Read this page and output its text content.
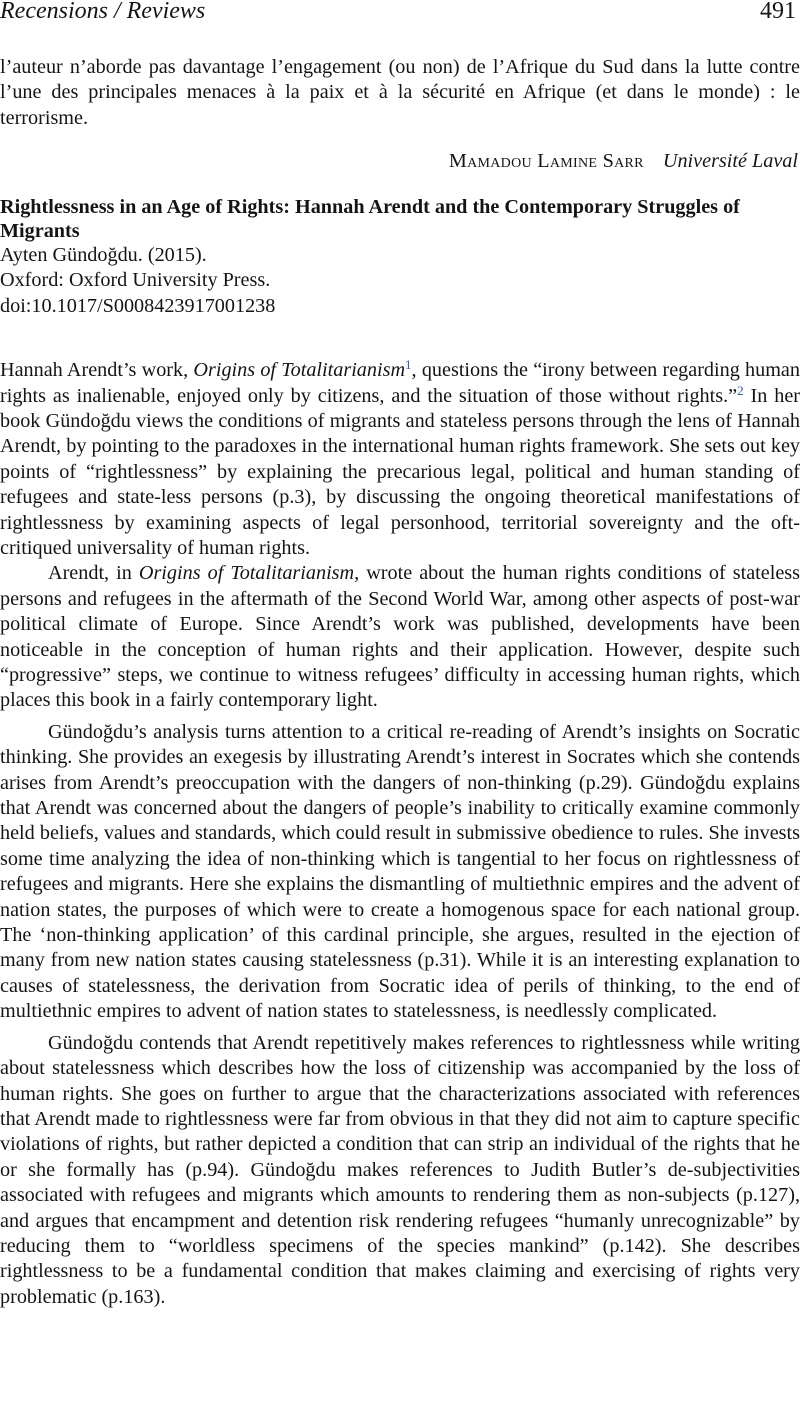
Recensions / Reviews	491

l’auteur n’aborde pas davantage l’engagement (ou non) de l’Afrique du Sud dans la lutte contre l’une des principales menaces à la paix et à la sécurité en Afrique (et dans le monde) : le terrorisme.

Mamadou Lamine Sarr Université Laval

Rightlessness in an Age of Rights: Hannah Arendt and the Contemporary Struggles of Migrants

Ayten Gündoğdu. (2015).

Oxford: Oxford University Press.

doi:10.1017/S0008423917001238

Hannah Arendt’s work, Origins of Totalitarianism$^1$, questions the “irony between regarding human rights as inalienable, enjoyed only by citizens, and the situation of those without rights.”$^2$ In her book Gündoğdu views the conditions of migrants and stateless persons through the lens of Hannah Arendt, by pointing to the paradoxes in the international human rights framework. She sets out key points of “rightlessness” by explaining the precarious legal, political and human standing of refugees and state-less persons (p.3), by discussing the ongoing theoretical manifestations of rightlessness by examining aspects of legal personhood, territorial sovereignty and the oft-critiqued universality of human rights.

Arendt, in Origins of Totalitarianism, wrote about the human rights conditions of stateless persons and refugees in the aftermath of the Second World War, among other aspects of post-war political climate of Europe. Since Arendt’s work was published, developments have been noticeable in the conception of human rights and their application. However, despite such “progressive” steps, we continue to witness refugees’ difficulty in accessing human rights, which places this book in a fairly contemporary light.

Gündoğdu’s analysis turns attention to a critical re-reading of Arendt’s insights on Socratic thinking. She provides an exegesis by illustrating Arendt’s interest in Socrates which she contends arises from Arendt’s preoccupation with the dangers of non-thinking (p.29). Gündoğdu explains that Arendt was concerned about the dangers of people’s inability to critically examine commonly held beliefs, values and standards, which could result in submissive obedience to rules. She invests some time analyzing the idea of non-thinking which is tangential to her focus on rightlessness of refugees and migrants. Here she explains the dismantling of multiethnic empires and the advent of nation states, the purposes of which were to create a homogenous space for each national group. The ‘non-thinking application’ of this cardinal principle, she argues, resulted in the ejection of many from new nation states causing statelessness (p.31). While it is an interesting explanation to causes of statelessness, the derivation from Socratic idea of perils of thinking, to the end of multiethnic empires to advent of nation states to statelessness, is needlessly complicated.

Gündoğdu contends that Arendt repetitively makes references to rightlessness while writing about statelessness which describes how the loss of citizenship was accompanied by the loss of human rights. She goes on further to argue that the characterizations associated with references that Arendt made to rightlessness were far from obvious in that they did not aim to capture specific violations of rights, but rather depicted a condition that can strip an individual of the rights that he or she formally has (p.94). Gündoğdu makes references to Judith Butler’s de-subjectivities associated with refugees and migrants which amounts to rendering them as non-subjects (p.127), and argues that encampment and detention risk rendering refugees “humanly unrecognizable” by reducing them to “worldless specimens of the species mankind” (p.142). She describes rightlessness to be a fundamental condition that makes claiming and exercising of rights very problematic (p.163).
